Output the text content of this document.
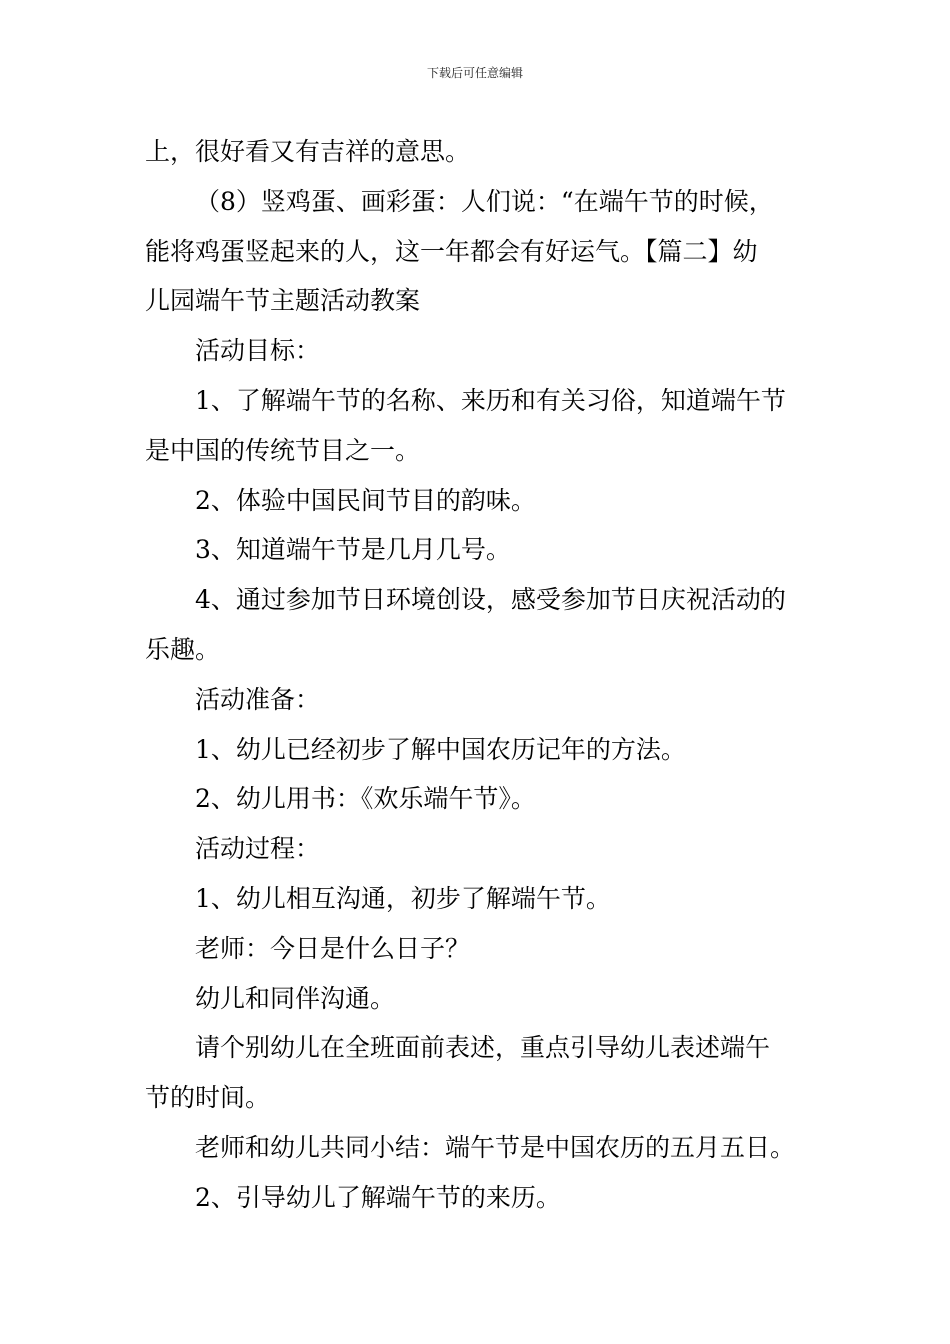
下载后可任意编辑

上，很好看又有吉祥的意思。

（8）竖鸡蛋、画彩蛋：人们说：“在端午节的时候，

能将鸡蛋竖起来的人，这一年都会有好运气。【篇二】幼

儿园端午节主题活动教案

活动目标：

1、了解端午节的名称、来历和有关习俗，知道端午节

是中国的传统节目之一。

2、体验中国民间节目的韵味。

3、知道端午节是几月几号。

4、通过参加节日环境创设，感受参加节日庆祝活动的

乐趣。

活动准备：

1、幼儿已经初步了解中国农历记年的方法。

2、幼儿用书：《欢乐端午节》。

活动过程：

1、幼儿相互沟通，初步了解端午节。

老师：今日是什么日子？

幼儿和同伴沟通。

请个别幼儿在全班面前表述，重点引导幼儿表述端午

节的时间。

老师和幼儿共同小结：端午节是中国农历的五月五日。

2、引导幼儿了解端午节的来历。
